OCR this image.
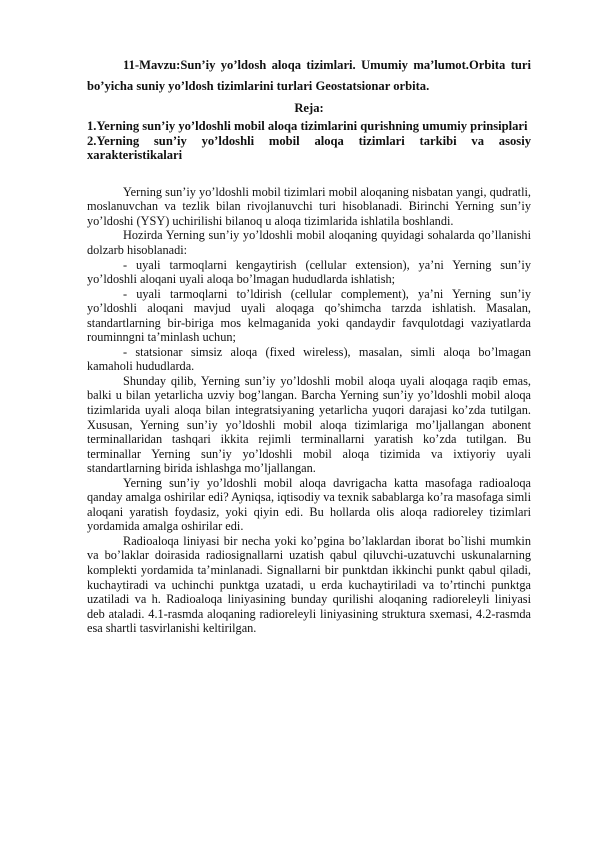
11-Mavzu:Sun’iy yo’ldosh aloqa tizimlari. Umumiy ma’lumot.Orbita turi bo’yicha suniy yo’ldosh tizimlarini turlari Geostatsionar orbita.

Reja:

1.Yerning sun’iy yo’ldoshli mobil aloqa tizimlarini qurishning umumiy prinsiplari

2.Yerning sun’iy yo’ldoshli mobil aloqa tizimlari tarkibi va asosiy xarakteristikalari

Yerning sun’iy yo’ldoshli mobil tizimlari mobil aloqaning nisbatan yangi, qudratli, moslanuvchan va tezlik bilan rivojlanuvchi turi hisoblanadi. Birinchi Yerning sun’iy yo’ldoshi (YSY) uchirilishi bilanoq u aloqa tizimlarida ishlatila boshlandi.

Hozirda Yerning sun’iy yo’ldoshli mobil aloqaning quyidagi sohalarda qo’llanishi dolzarb hisoblanadi:

- uyali tarmoqlarni kengaytirish (cellular extension), ya’ni Yerning sun’iy yo’ldoshli aloqani uyali aloqa bo’lmagan hududlarda ishlatish;

- uyali tarmoqlarni to’ldirish (cellular complement), ya’ni Yerning sun’iy yo’ldoshli aloqani mavjud uyali aloqaga qo’shimcha tarzda ishlatish. Masalan, standartlarning bir-biriga mos kelmaganida yoki qandaydir favqulotdagi vaziyatlarda rouminngni ta’minlash uchun;

- statsionar simsiz aloqa (fixed wireless), masalan, simli aloqa bo’lmagan kamaholi hududlarda.

Shunday qilib, Yerning sun’iy yo’ldoshli mobil aloqa uyali aloqaga raqib emas, balki u bilan yetarlicha uzviy bog’langan. Barcha Yerning sun’iy yo’ldoshli mobil aloqa tizimlarida uyali aloqa bilan integratsiyaning yetarlicha yuqori darajasi ko’zda tutilgan. Xususan, Yerning sun’iy yo’ldoshli mobil aloqa tizimlariga mo’ljallangan abonent terminallaridan tashqari ikkita rejimli terminallarni yaratish ko’zda tutilgan. Bu terminallar Yerning sun’iy yo’ldoshli mobil aloqa tizimida va ixtiyoriy uyali standartlarning birida ishlashga mo’ljallangan.

Yerning sun’iy yo’ldoshli mobil aloqa davrigacha katta masofaga radioaloqa qanday amalga oshirilar edi? Ayniqsa, iqtisodiy va texnik sabablarga ko’ra masofaga simli aloqani yaratish foydasiz, yoki qiyin edi. Bu hollarda olis aloqa radioreley tizimlari yordamida amalga oshirilar edi.

Radioaloqa liniyasi bir necha yoki ko’pgina bo’laklardan iborat bo`lishi mumkin va bo’laklar doirasida radiosignallarni uzatish qabul qiluvchi-uzatuvchi uskunalarning komplekti yordamida ta’minlanadi. Signallarni bir punktdan ikkinchi punkt qabul qiladi, kuchaytiradi va uchinchi punktga uzatadi, u erda kuchaytiriladi va to’rtinchi punktga uzatiladi va h. Radioaloqa liniyasining bunday qurilishi aloqaning radioreleyli liniyasi deb ataladi. 4.1-rasmda aloqaning radioreleyli liniyasining struktura sxemasi, 4.2-rasmda esa shartli tasvirlanishi keltirilgan.
